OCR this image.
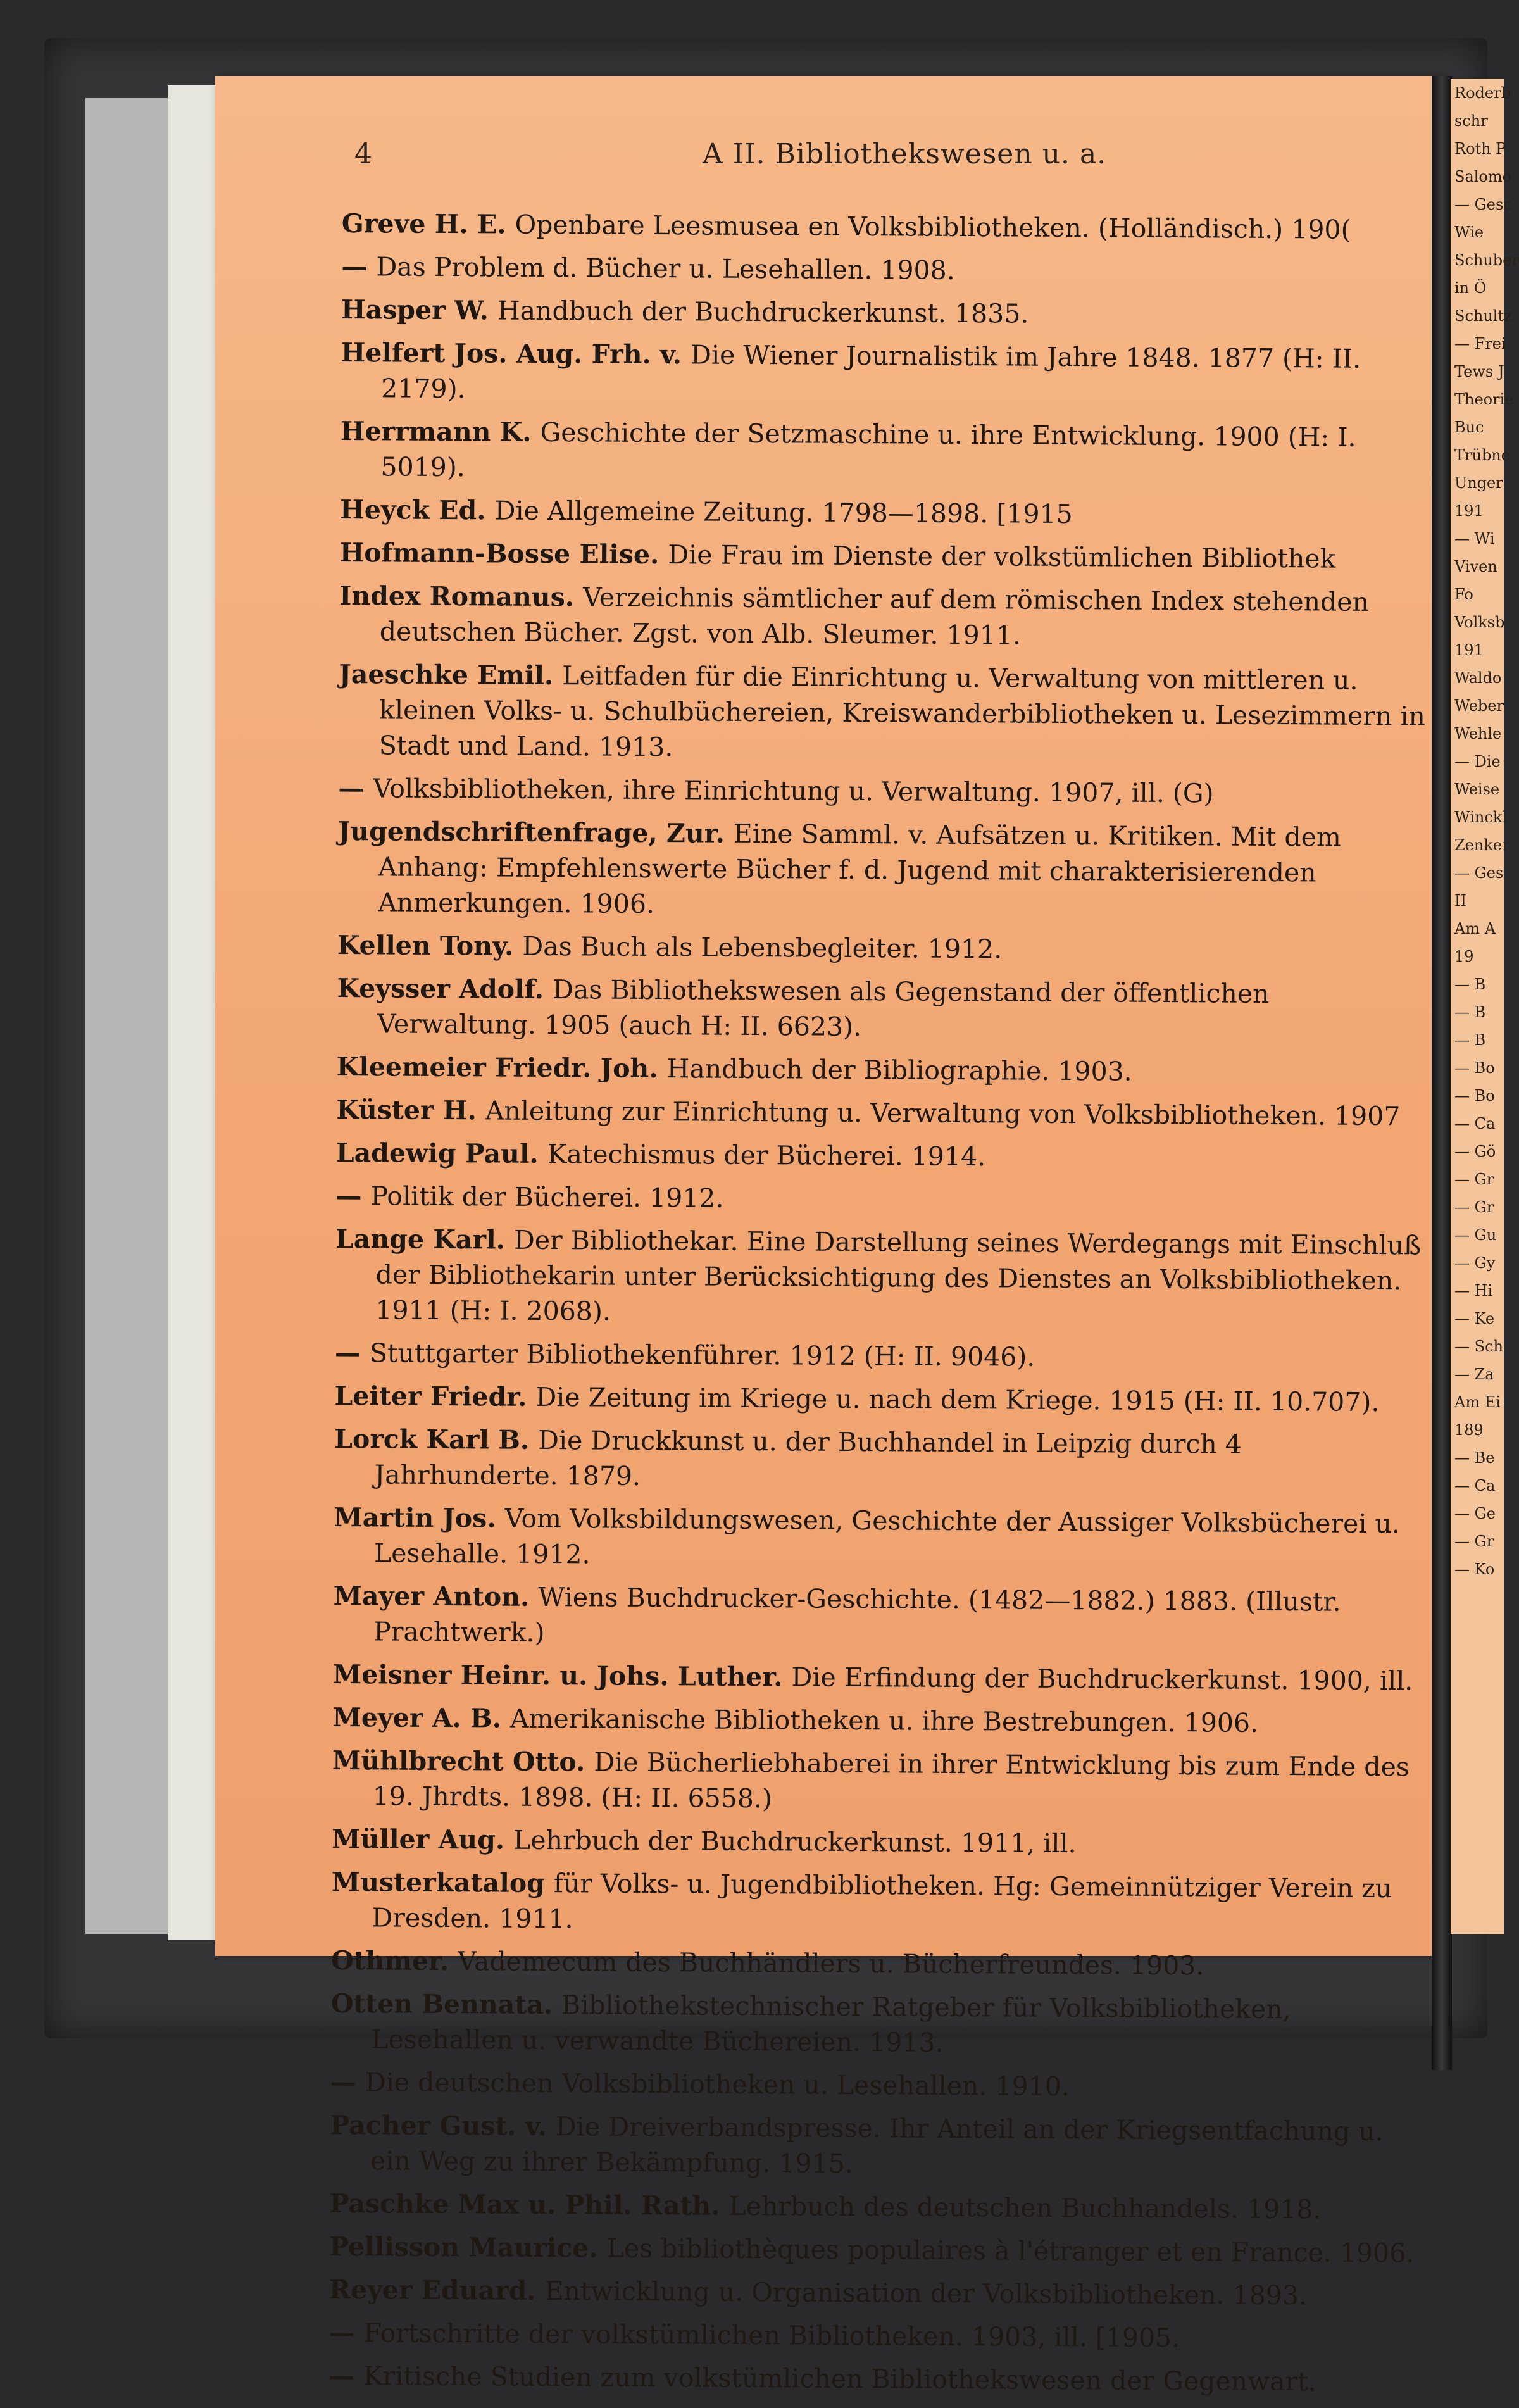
4	A II. Bibliothekswesen u. a.
Greve H. E. Openbare Leesmusea en Volksbibliotheken. (Holländisch.) 190(
— Das Problem d. Bücher u. Lesehallen. 1908.
Hasper W. Handbuch der Buchdruckerkunst. 1835.
Helfert Jos. Aug. Frh. v. Die Wiener Journalistik im Jahre 1848. 1877 (H: II. 2179).
Herrmann K. Geschichte der Setzmaschine u. ihre Entwicklung. 1900 (H: I. 5019).
Heyck Ed. Die Allgemeine Zeitung. 1798—1898. [1915
Hofmann-Bosse Elise. Die Frau im Dienste der volkstümlichen Bibliothek
Index Romanus. Verzeichnis sämtlicher auf dem römischen Index stehenden deutschen Bücher. Zgst. von Alb. Sleumer. 1911.
Jaeschke Emil. Leitfaden für die Einrichtung u. Verwaltung von mittleren u. kleinen Volks- u. Schulbüchereien, Kreiswanderbibliotheken u. Lesezimmern in Stadt und Land. 1913.
— Volksbibliotheken, ihre Einrichtung u. Verwaltung. 1907, ill. (G)
Jugendschriftenfrage, Zur. Eine Samml. v. Aufsätzen u. Kritiken. Mit dem Anhang: Empfehlenswerte Bücher f. d. Jugend mit charakterisierenden Anmerkungen. 1906.
Kellen Tony. Das Buch als Lebensbegleiter. 1912.
Keysser Adolf. Das Bibliothekswesen als Gegenstand der öffentlichen Verwaltung. 1905 (auch H: II. 6623).
Kleemeier Friedr. Joh. Handbuch der Bibliographie. 1903.
Küster H. Anleitung zur Einrichtung u. Verwaltung von Volksbibliotheken. 1907
Ladewig Paul. Katechismus der Bücherei. 1914.
— Politik der Bücherei. 1912.
Lange Karl. Der Bibliothekar. Eine Darstellung seines Werdegangs mit Einschluß der Bibliothekarin unter Berücksichtigung des Dienstes an Volksbibliotheken. 1911 (H: I. 2068).
— Stuttgarter Bibliothekenführer. 1912 (H: II. 9046).
Leiter Friedr. Die Zeitung im Kriege u. nach dem Kriege. 1915 (H: II. 10.707).
Lorck Karl B. Die Druckkunst u. der Buchhandel in Leipzig durch 4 Jahrhunderte. 1879.
Martin Jos. Vom Volksbildungswesen, Geschichte der Aussiger Volksbücherei u. Lesehalle. 1912.
Mayer Anton. Wiens Buchdrucker-Geschichte. (1482—1882.) 1883. (Illustr. Prachtwerk.)
Meisner Heinr. u. Johs. Luther. Die Erfindung der Buchdruckerkunst. 1900, ill.
Meyer A. B. Amerikanische Bibliotheken u. ihre Bestrebungen. 1906.
Mühlbrecht Otto. Die Bücherliebhaberei in ihrer Entwicklung bis zum Ende des 19. Jhrdts. 1898. (H: II. 6558.)
Müller Aug. Lehrbuch der Buchdruckerkunst. 1911, ill.
Musterkatalog für Volks- u. Jugendbibliotheken. Hg: Gemeinnütziger Verein zu Dresden. 1911.
Othmer. Vademecum des Buchhändlers u. Bücherfreundes. 1903.
Otten Bennata. Bibliothekstechnischer Ratgeber für Volksbibliotheken, Lesehallen u. verwandte Büchereien. 1913.
— Die deutschen Volksbibliotheken u. Lesehallen. 1910.
Pacher Gust. v. Die Dreiverbandspresse. Ihr Anteil an der Kriegsentfachung u. ein Weg zu ihrer Bekämpfung. 1915.
Paschke Max u. Phil. Rath. Lehrbuch des deutschen Buchhandels. 1918.
Pellisson Maurice. Les bibliothèques populaires à l'étranger et en France. 1906.
Reyer Eduard. Entwicklung u. Organisation der Volksbibliotheken. 1893.
— Fortschritte der volkstümlichen Bibliotheken. 1903, ill. [1905.
— Kritische Studien zum volkstümlichen Bibliothekswesen der Gegenwart.
Roderb
schr
Roth P
Salomo
— Gesc
Wie
Schuber
in Ö
Schultz
— Frei
Tews J
Theorie
Buc
Trübne
Unger
191
— Wi
Viven
Fo
Volksb
191
Waldo
Weber
Wehle
— Die
Weise
Winckl
Zenker
— Ges
II
Am A
19
— B
— B
— B
— Bo
— Bo
— Ca
— Gö
— Gr
— Gr
— Gu
— Gy
— Hi
— Ke
— Sch
— Za
Am Ei
189
— Be
— Ca
— Ge
— Gr
— Ko
